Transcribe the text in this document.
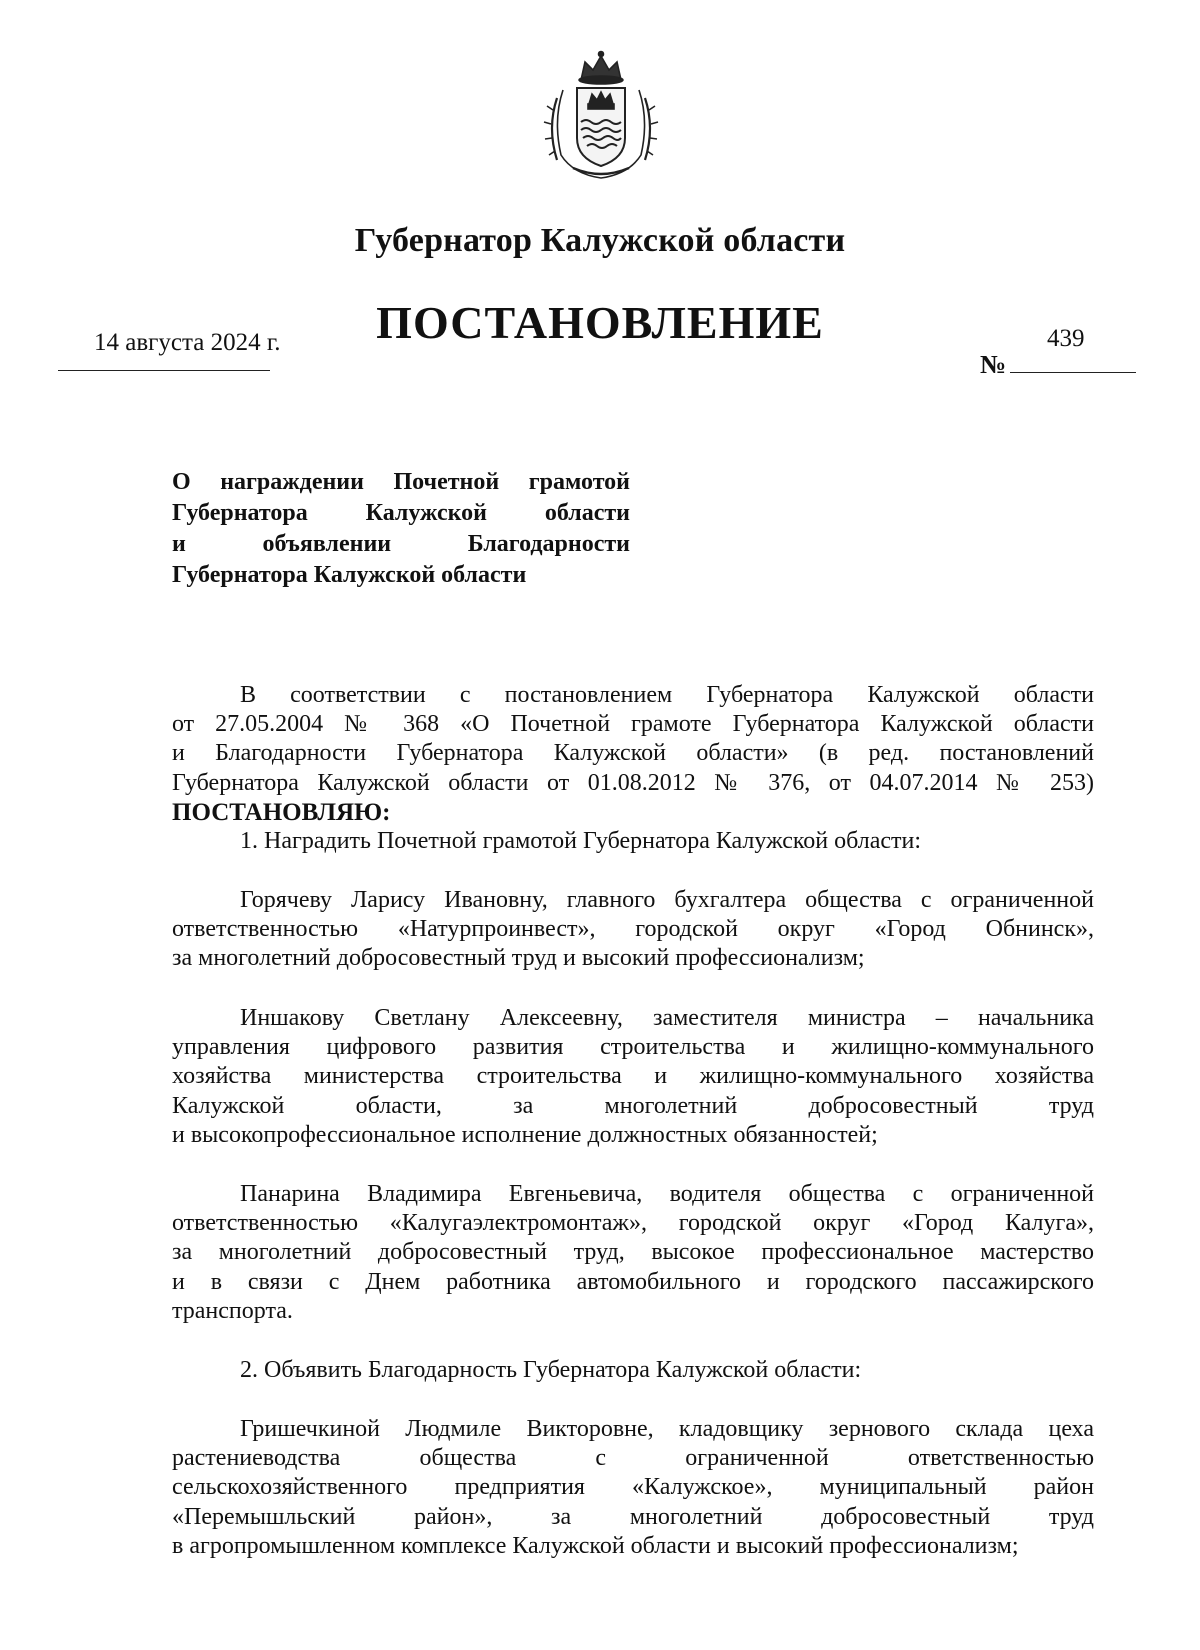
Губернатор Калужской области
ПОСТАНОВЛЕНИЕ
14 августа 2024 г.	439
№
О награждении Почетной грамотой
Губернатора Калужской области
и объявлении Благодарности
Губернатора Калужской области
В соответствии с постановлением Губернатора Калужской области
от 27.05.2004 № 368 «О Почетной грамоте Губернатора Калужской области
и Благодарности Губернатора Калужской области» (в ред. постановлений
Губернатора Калужской области от 01.08.2012 № 376, от 04.07.2014 № 253)
ПОСТАНОВЛЯЮ:
1. Наградить Почетной грамотой Губернатора Калужской области:
Горячеву Ларису Ивановну, главного бухгалтера общества с ограниченной
ответственностью «Натурпроинвест», городской округ «Город Обнинск»,
за многолетний добросовестный труд и высокий профессионализм;
Иншакову Светлану Алексеевну, заместителя министра – начальника
управления цифрового развития строительства и жилищно-коммунального
хозяйства министерства строительства и жилищно-коммунального хозяйства
Калужской области, за многолетний добросовестный труд
и высокопрофессиональное исполнение должностных обязанностей;
Панарина Владимира Евгеньевича, водителя общества с ограниченной
ответственностью «Калугаэлектромонтаж», городской округ «Город Калуга»,
за многолетний добросовестный труд, высокое профессиональное мастерство
и в связи с Днем работника автомобильного и городского пассажирского
транспорта.
2. Объявить Благодарность Губернатора Калужской области:
Гришечкиной Людмиле Викторовне, кладовщику зернового склада цеха
растениеводства общества с ограниченной ответственностью
сельскохозяйственного предприятия «Калужское», муниципальный район
«Перемышльский район», за многолетний добросовестный труд
в агропромышленном комплексе Калужской области и высокий профессионализм;
